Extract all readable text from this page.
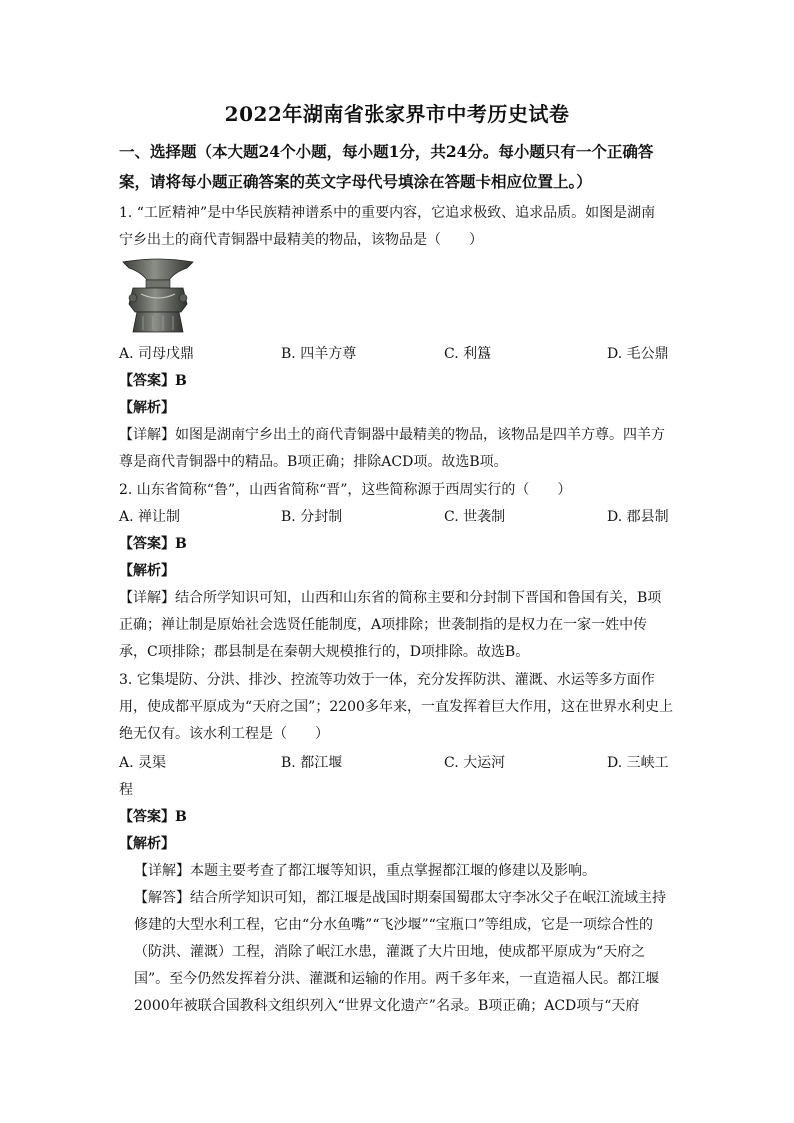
2022年湖南省张家界市中考历史试卷
一、选择题（本大题24个小题，每小题1分，共24分。每小题只有一个正确答案，请将每小题正确答案的英文字母代号填涂在答题卡相应位置上。）
1. “工匠精神”是中华民族精神谱系中的重要内容，它追求极致、追求品质。如图是湖南
宁乡出土的商代青铜器中最精美的物品，该物品是（　　）
A. 司母戊鼎	B. 四羊方尊	C. 利簋	D. 毛公鼎
【答案】B
【解析】
【详解】如图是湖南宁乡出土的商代青铜器中最精美的物品，该物品是四羊方尊。四羊方尊是商代青铜器中的精品。B项正确；排除ACD项。故选B项。
2. 山东省简称“鲁”，山西省简称“晋”，这些简称源于西周实行的（　　）
A. 禅让制	B. 分封制	C. 世袭制	D. 郡县制
【答案】B
【解析】
【详解】结合所学知识可知，山西和山东省的简称主要和分封制下晋国和鲁国有关，B项正确；禅让制是原始社会选贤任能制度，A项排除；世袭制指的是权力在一家一姓中传承，C项排除；郡县制是在秦朝大规模推行的，D项排除。故选B。
3. 它集堤防、分洪、排沙、控流等功效于一体，充分发挥防洪、灌溉、水运等多方面作用，使成都平原成为“天府之国”；2200多年来，一直发挥着巨大作用，这在世界水利史上绝无仅有。该水利工程是（　　）
A. 灵渠	B. 都江堰	C. 大运河	D. 三峡工
程
【答案】B
【解析】
【详解】本题主要考查了都江堰等知识，重点掌握都江堰的修建以及影响。
【解答】结合所学知识可知，都江堰是战国时期秦国蜀郡太守李冰父子在岷江流域主持修建的大型水利工程，它由“分水鱼嘴”“飞沙堰”“宝瓶口”等组成，它是一项综合性的（防洪、灌溉）工程，消除了岷江水患，灌溉了大片田地，使成都平原成为“天府之国”。至今仍然发挥着分洪、灌溉和运输的作用。两千多年来，一直造福人民。都江堰2000年被联合国教科文组织列入“世界文化遗产”名录。B项正确；ACD项与“天府
